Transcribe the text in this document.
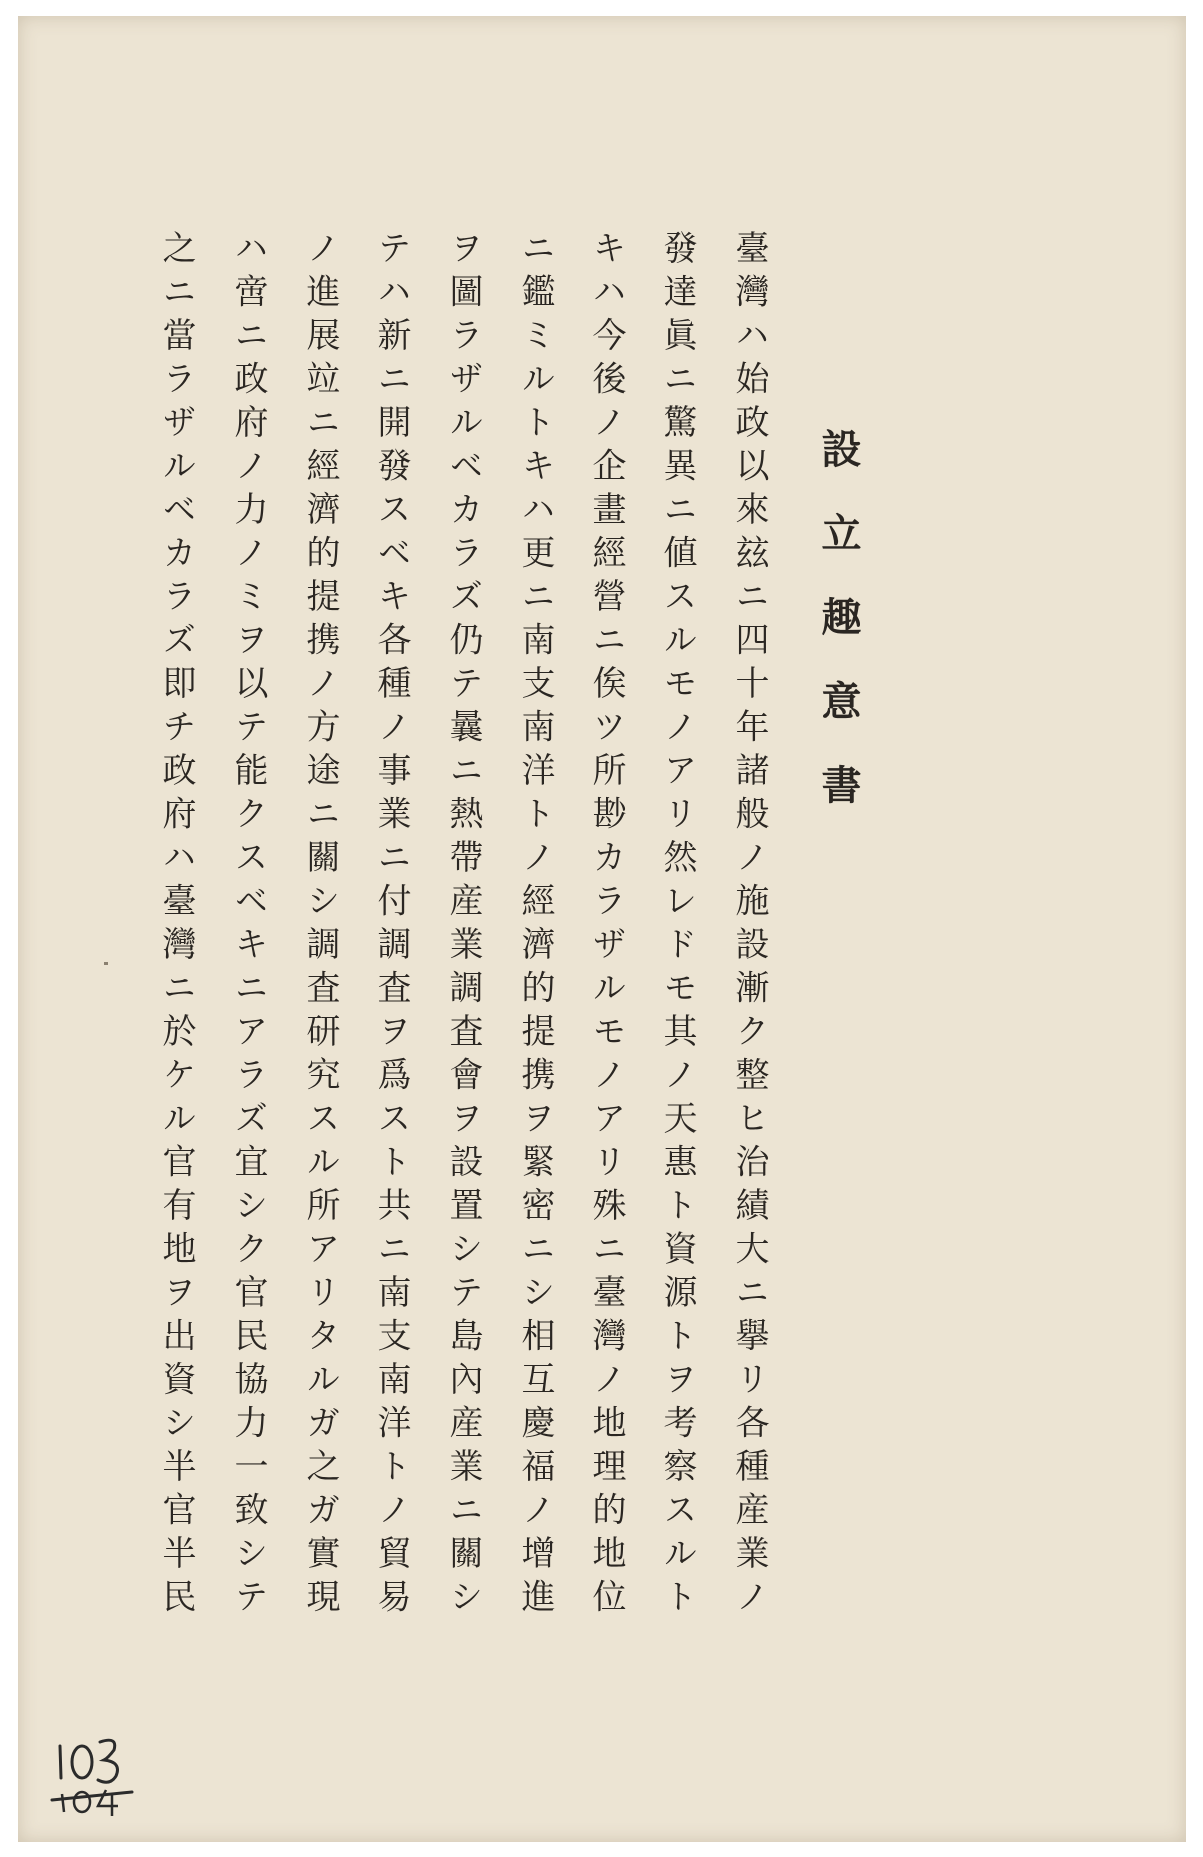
設立趣意書
臺灣ハ始政以來玆ニ四十年諸般ノ施設漸ク整ヒ治績大ニ擧リ各種産業ノ
發達眞ニ驚異ニ値スルモノアリ然レドモ其ノ天惠ト資源トヲ考察スルト
キハ今後ノ企畫經營ニ俟ツ所尠カラザルモノアリ殊ニ臺灣ノ地理的地位
ニ鑑ミルトキハ更ニ南支南洋トノ經濟的提携ヲ緊密ニシ相互慶福ノ增進
ヲ圖ラザルベカラズ仍テ曩ニ熱帶産業調査會ヲ設置シテ島內産業ニ關シ
テハ新ニ開發スベキ各種ノ事業ニ付調査ヲ爲スト共ニ南支南洋トノ貿易
ノ進展竝ニ經濟的提携ノ方途ニ關シ調査研究スル所アリタルガ之ガ實現
ハ啻ニ政府ノ力ノミヲ以テ能クスベキニアラズ宜シク官民協力一致シテ
之ニ當ラザルベカラズ即チ政府ハ臺灣ニ於ケル官有地ヲ出資シ半官半民
